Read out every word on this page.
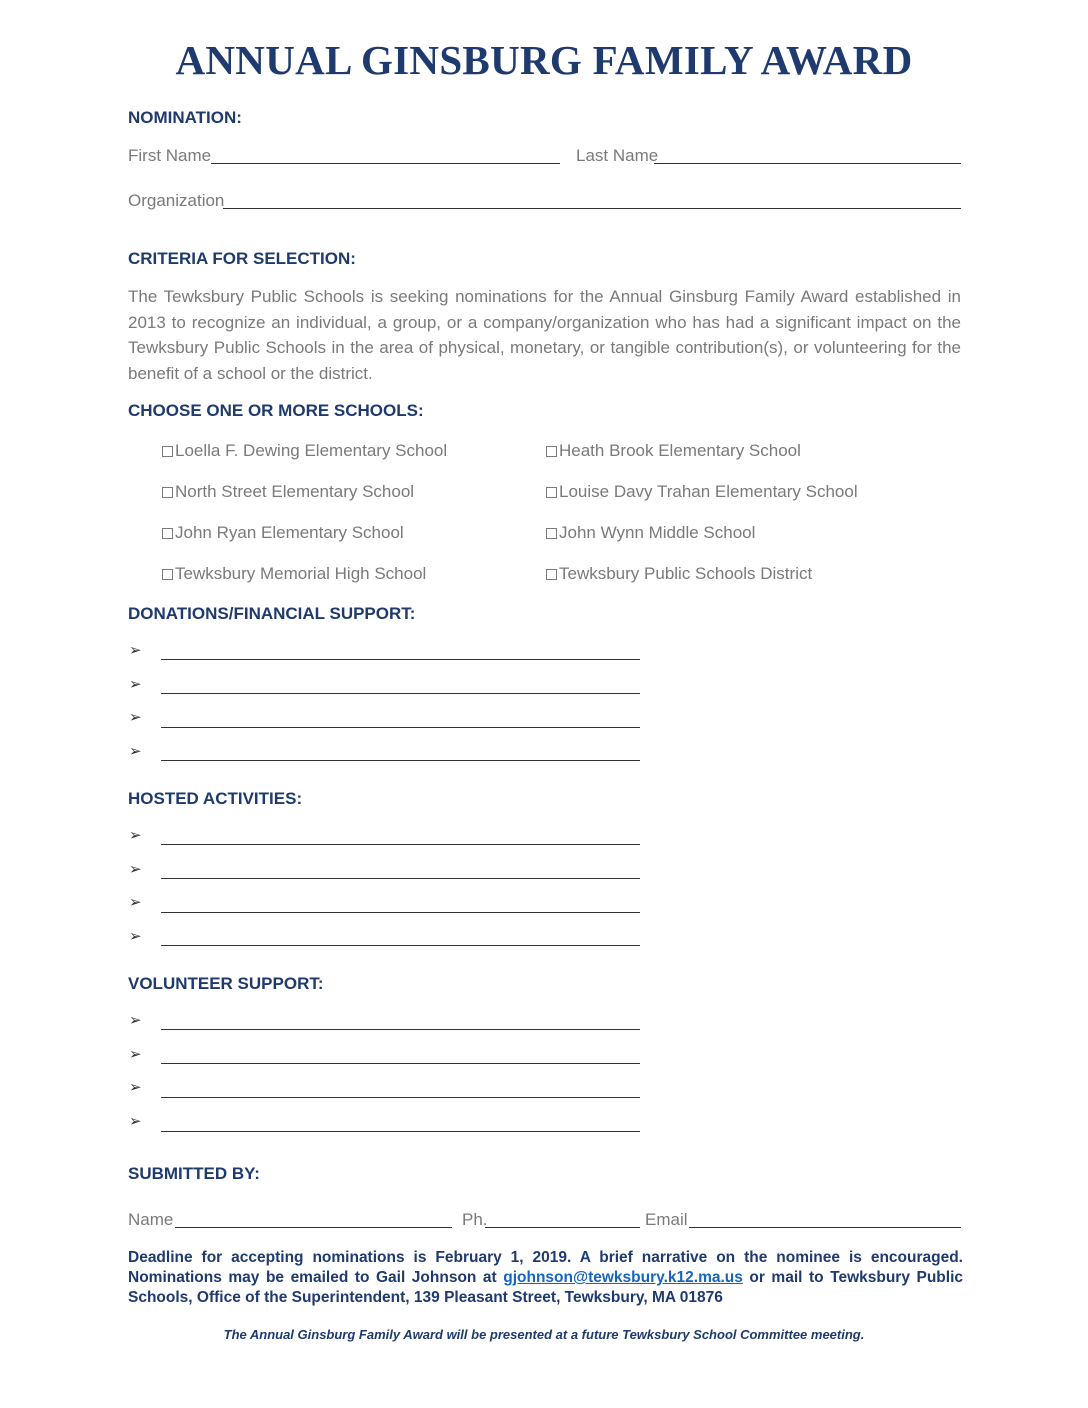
ANNUAL GINSBURG FAMILY AWARD
NOMINATION:
First Name	Last Name
Organization
CRITERIA FOR SELECTION:
The Tewksbury Public Schools is seeking nominations for the Annual Ginsburg Family Award established in 2013 to recognize an individual, a group, or a company/organization who has had a significant impact on the Tewksbury Public Schools in the area of physical, monetary, or tangible contribution(s), or volunteering for the benefit of a school or the district.
CHOOSE ONE OR MORE SCHOOLS:
Loella F. Dewing Elementary School	Heath Brook Elementary School
North Street Elementary School	Louise Davy Trahan Elementary School
John Ryan Elementary School	John Wynn Middle School
Tewksbury Memorial High School	Tewksbury Public Schools District
DONATIONS/FINANCIAL SUPPORT:
➢
➢
➢
➢
HOSTED ACTIVITIES:
➢
➢
➢
➢
VOLUNTEER SUPPORT:
➢
➢
➢
➢
SUBMITTED BY:
Name	Ph.	Email
Deadline for accepting nominations is February 1, 2019. A brief narrative on the nominee is encouraged. Nominations may be emailed to Gail Johnson at gjohnson@tewksbury.k12.ma.us or mail to Tewksbury Public Schools, Office of the Superintendent, 139 Pleasant Street, Tewksbury, MA 01876
The Annual Ginsburg Family Award will be presented at a future Tewksbury School Committee meeting.
